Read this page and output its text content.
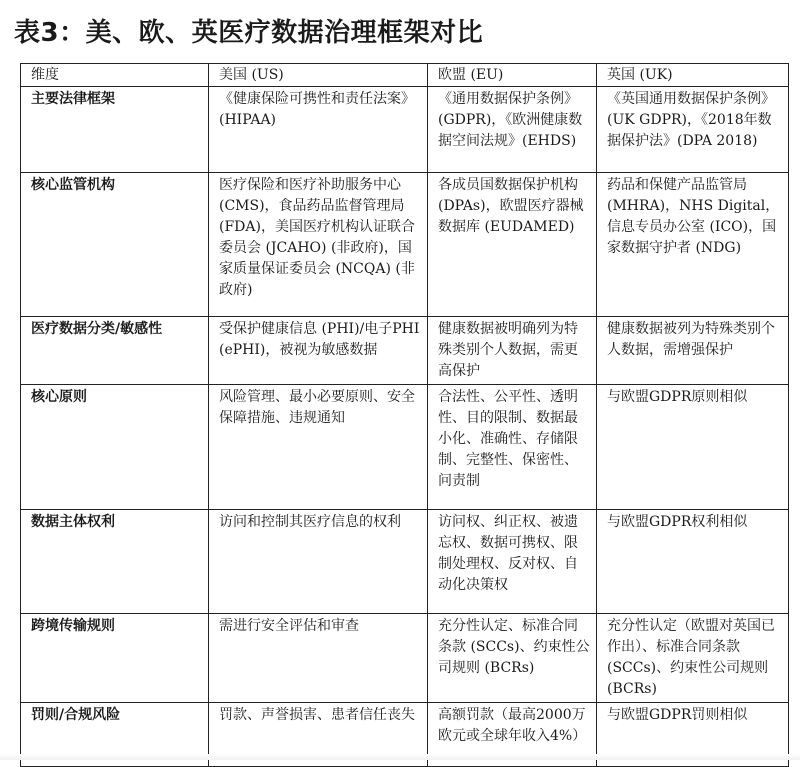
表3：美、欧、英医疗数据治理框架对比
维度	美国 (US)	欧盟 (EU)	英国 (UK)
主要法律框架	《健康保险可携性和责任法案》(HIPAA)	《通用数据保护条例》(GDPR)，《欧洲健康数据空间法规》(EHDS)	《英国通用数据保护条例》(UK GDPR)，《2018年数据保护法》(DPA 2018)
核心监管机构	医疗保险和医疗补助服务中心 (CMS)，食品药品监督管理局 (FDA)，美国医疗机构认证联合委员会 (JCAHO) (非政府)，国家质量保证委员会 (NCQA) (非政府)	各成员国数据保护机构 (DPAs)，欧盟医疗器械数据库 (EUDAMED)	药品和保健产品监管局 (MHRA)，NHS Digital，信息专员办公室 (ICO)，国家数据守护者 (NDG)
医疗数据分类/敏感性	受保护健康信息 (PHI)/电子PHI (ePHI)，被视为敏感数据	健康数据被明确列为特殊类别个人数据，需更高保护	健康数据被列为特殊类别个人数据，需增强保护
核心原则	风险管理、最小必要原则、安全保障措施、违规通知	合法性、公平性、透明性、目的限制、数据最小化、准确性、存储限制、完整性、保密性、问责制	与欧盟GDPR原则相似
数据主体权利	访问和控制其医疗信息的权利	访问权、纠正权、被遗忘权、数据可携权、限制处理权、反对权、自动化决策权	与欧盟GDPR权利相似
跨境传输规则	需进行安全评估和审查	充分性认定、标准合同条款 (SCCs)、约束性公司规则 (BCRs)	充分性认定（欧盟对英国已作出）、标准合同条款 (SCCs)、约束性公司规则 (BCRs)
罚则/合规风险	罚款、声誉损害、患者信任丧失	高额罚款（最高2000万欧元或全球年收入4%）	与欧盟GDPR罚则相似
